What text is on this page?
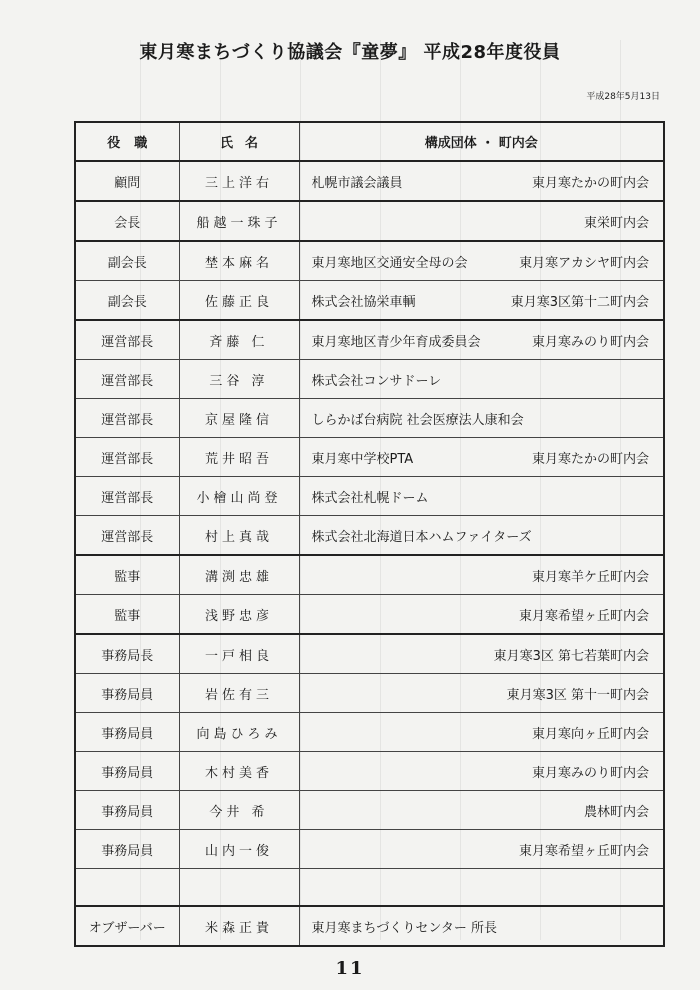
東月寒まちづくり協議会『童夢』 平成28年度役員
平成28年5月13日
役職	氏名	構成団体 ・ 町内会
顧問	三上洋右	札幌市議会議員 東月寒たかの町内会

会長	船越一珠子	東栄町内会

副会長	埜本麻名	東月寒地区交通安全母の会 東月寒アカシヤ町内会

副会長	佐藤正良	株式会社協栄車輌 東月寒3区第十二町内会

運営部長	斉藤 仁	東月寒地区青少年育成委員会 東月寒みのり町内会

運営部長	三谷 淳	株式会社コンサドーレ

運営部長	京屋隆信	しらかば台病院 社会医療法人康和会

運営部長	荒井昭吾	東月寒中学校PTA 東月寒たかの町内会

運営部長	小檜山尚登	株式会社札幌ドーム

運営部長	村上真哉	株式会社北海道日本ハムファイターズ

監事	溝渕忠雄	東月寒羊ケ丘町内会

監事	浅野忠彦	東月寒希望ヶ丘町内会

事務局長	一戸相良	東月寒3区 第七若葉町内会

事務局員	岩佐有三	東月寒3区 第十一町内会

事務局員	向島ひろみ	東月寒向ヶ丘町内会

事務局員	木村美香	東月寒みのり町内会

事務局員	今井 希	農林町内会

事務局員	山内一俊	東月寒希望ヶ丘町内会

オブザーバー	米森正貴	東月寒まちづくりセンター 所長
11
